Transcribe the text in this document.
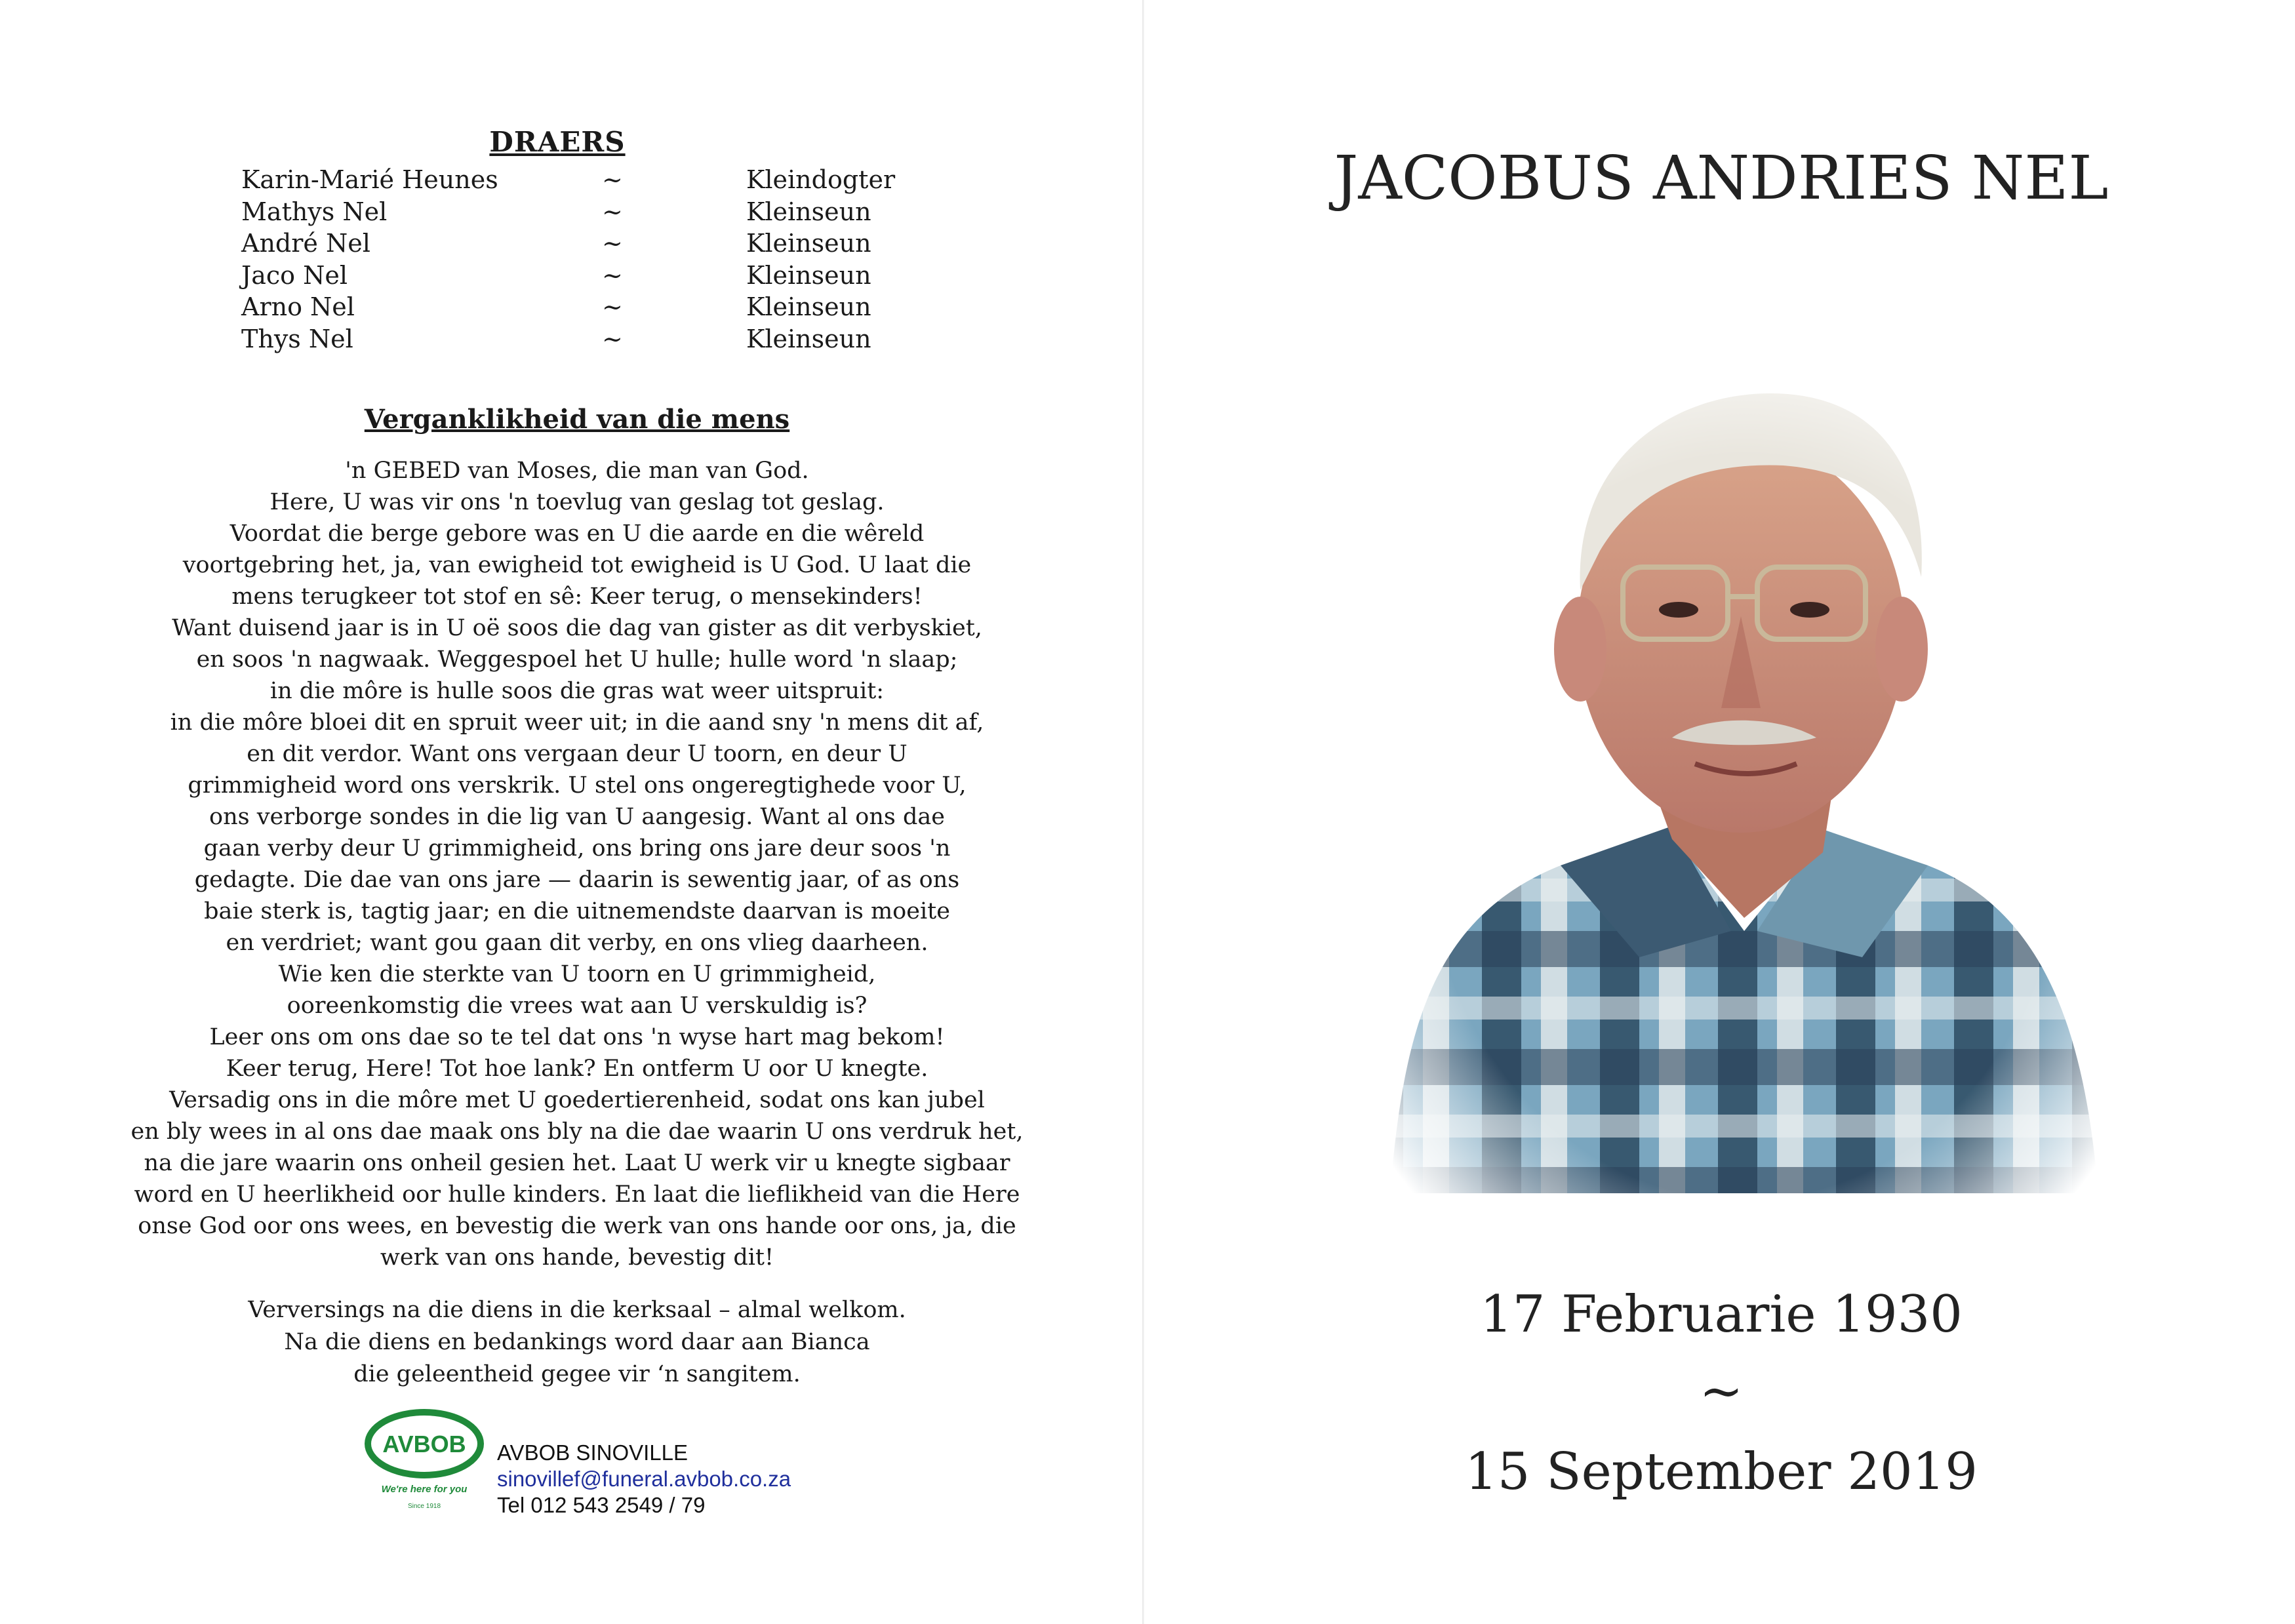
DRAERS
Karin-Marié Heunes	~	Kleindogter
Mathys Nel	~	Kleinseun
André Nel	~	Kleinseun
Jaco Nel	~	Kleinseun
Arno Nel	~	Kleinseun
Thys Nel	~	Kleinseun
Verganklikheid van die mens
'n GEBED van Moses, die man van God.
Here, U was vir ons 'n toevlug van geslag tot geslag.
Voordat die berge gebore was en U die aarde en die wêreld
voortgebring het, ja, van ewigheid tot ewigheid is U God. U laat die
mens terugkeer tot stof en sê: Keer terug, o mensekinders!
Want duisend jaar is in U oë soos die dag van gister as dit verbyskiet,
en soos 'n nagwaak. Weggespoel het U hulle; hulle word 'n slaap;
in die môre is hulle soos die gras wat weer uitspruit:
in die môre bloei dit en spruit weer uit; in die aand sny 'n mens dit af,
en dit verdor. Want ons vergaan deur U toorn, en deur U
grimmigheid word ons verskrik. U stel ons ongeregtighede voor U,
ons verborge sondes in die lig van U aangesig. Want al ons dae
gaan verby deur U grimmigheid, ons bring ons jare deur soos 'n
gedagte. Die dae van ons jare — daarin is sewentig jaar, of as ons
baie sterk is, tagtig jaar; en die uitnemendste daarvan is moeite
en verdriet; want gou gaan dit verby, en ons vlieg daarheen.
Wie ken die sterkte van U toorn en U grimmigheid,
ooreenkomstig die vrees wat aan U verskuldig is?
Leer ons om ons dae so te tel dat ons 'n wyse hart mag bekom!
Keer terug, Here! Tot hoe lank? En ontferm U oor U knegte.
Versadig ons in die môre met U goedertierenheid, sodat ons kan jubel
en bly wees in al ons dae maak ons bly na die dae waarin U ons verdruk het,
na die jare waarin ons onheil gesien het. Laat U werk vir u knegte sigbaar
word en U heerlikheid oor hulle kinders. En laat die lieflikheid van die Here
onse God oor ons wees, en bevestig die werk van ons hande oor ons, ja, die
werk van ons hande, bevestig dit!
Verversings na die diens in die kerksaal – almal welkom.
Na die diens en bedankings word daar aan Bianca
die geleentheid gegee vir ‘n sangitem.
AVBOB
We're here for you
Since 1918
AVBOB SINOVILLE
sinovillef@funeral.avbob.co.za
Tel 012 543 2549 / 79
JACOBUS ANDRIES NEL
17 Februarie 1930
~
15 September 2019
